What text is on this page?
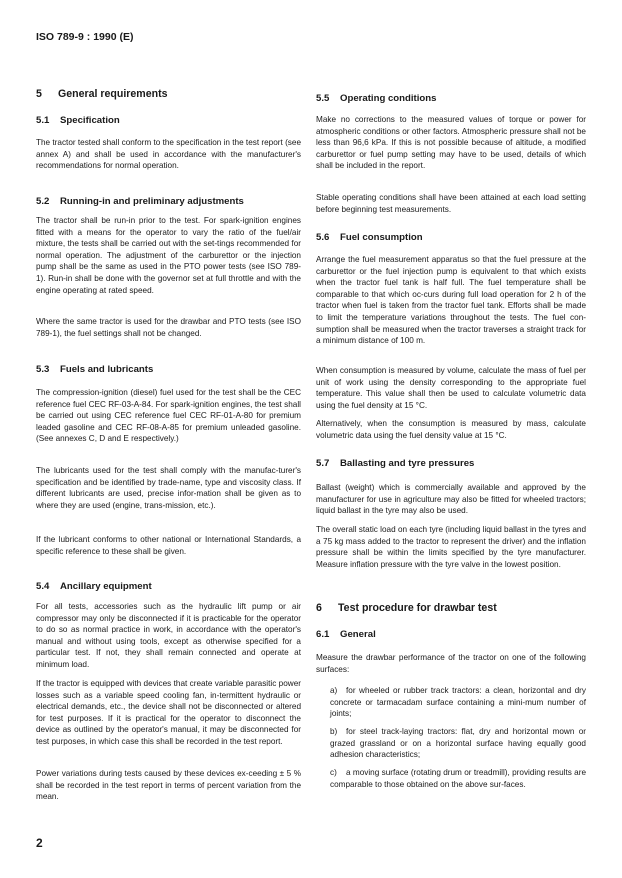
ISO 789-9 : 1990 (E)
5 General requirements
5.1 Specification
The tractor tested shall conform to the specification in the test report (see annex A) and shall be used in accordance with the manufacturer's recommendations for normal operation.
5.2 Running-in and preliminary adjustments
The tractor shall be run-in prior to the test. For spark-ignition engines fitted with a means for the operator to vary the ratio of the fuel/air mixture, the tests shall be carried out with the set-tings recommended for normal operation. The adjustment of the carburettor or the injection pump shall be the same as used in the PTO power tests (see ISO 789-1). Run-in shall be done with the governor set at full throttle and with the engine operating at rated speed.
Where the same tractor is used for the drawbar and PTO tests (see ISO 789-1), the fuel settings shall not be changed.
5.3 Fuels and lubricants
The compression-ignition (diesel) fuel used for the test shall be the CEC reference fuel CEC RF-03-A-84. For spark-ignition engines, the test shall be carried out using CEC reference fuel CEC RF-01-A-80 for premium leaded gasoline and CEC RF-08-A-85 for premium unleaded gasoline. (See annexes C, D and E respectively.)
The lubricants used for the test shall comply with the manufac-turer's specification and be identified by trade-name, type and viscosity class. If different lubricants are used, precise infor-mation shall be given as to where they are used (engine, trans-mission, etc.).
If the lubricant conforms to other national or International Standards, a specific reference to these shall be given.
5.4 Ancillary equipment
For all tests, accessories such as the hydraulic lift pump or air compressor may only be disconnected if it is practicable for the operator to do so as normal practice in work, in accordance with the operator's manual and without using tools, except as otherwise specified for a particular test. If not, they shall remain connected and operate at minimum load.
If the tractor is equipped with devices that create variable parasitic power losses such as a variable speed cooling fan, in-termittent hydraulic or electrical demands, etc., the device shall not be disconnected or altered for test purposes. If it is practical for the operator to disconnect the device as outlined by the operator's manual, it may be disconnected for test purposes, in which case this shall be recorded in the test report.
Power variations during tests caused by these devices ex-ceeding ± 5 % shall be recorded in the test report in terms of percent variation from the mean.
2
5.5 Operating conditions
Make no corrections to the measured values of torque or power for atmospheric conditions or other factors. Atmospheric pressure shall not be less than 96,6 kPa. If this is not possible because of altitude, a modified carburettor or fuel pump setting may have to be used, details of which shall be included in the report.
Stable operating conditions shall have been attained at each load setting before beginning test measurements.
5.6 Fuel consumption
Arrange the fuel measurement apparatus so that the fuel pressure at the carburettor or the fuel injection pump is equivalent to that which exists when the tractor fuel tank is half full. The fuel temperature shall be comparable to that which oc-curs during full load operation for 2 h of the tractor when fuel is taken from the tractor fuel tank. Efforts shall be made to limit the temperature variations throughout the tests. The fuel con-sumption shall be measured when the tractor traverses a straight track for a minimum distance of 100 m.
When consumption is measured by volume, calculate the mass of fuel per unit of work using the density corresponding to the appropriate fuel temperature. This value shall then be used to calculate volumetric data using the fuel density at 15 °C.
Alternatively, when the consumption is measured by mass, calculate volumetric data using the fuel density value at 15 °C.
5.7 Ballasting and tyre pressures
Ballast (weight) which is commercially available and approved by the manufacturer for use in agriculture may also be fitted for wheeled tractors; liquid ballast in the tyre may also be used.
The overall static load on each tyre (including liquid ballast in the tyres and a 75 kg mass added to the tractor to represent the driver) and the inflation pressure shall be within the limits specified by the tyre manufacturer. Measure inflation pressure with the tyre valve in the lowest position.
6 Test procedure for drawbar test
6.1 General
Measure the drawbar performance of the tractor on one of the following surfaces:
a) for wheeled or rubber track tractors: a clean, horizontal and dry concrete or tarmacadam surface containing a mini-mum number of joints;
b) for steel track-laying tractors: flat, dry and horizontal mown or grazed grassland or on a horizontal surface having equally good adhesion characteristics;
c) a moving surface (rotating drum or treadmill), providing results are comparable to those obtained on the above sur-faces.
